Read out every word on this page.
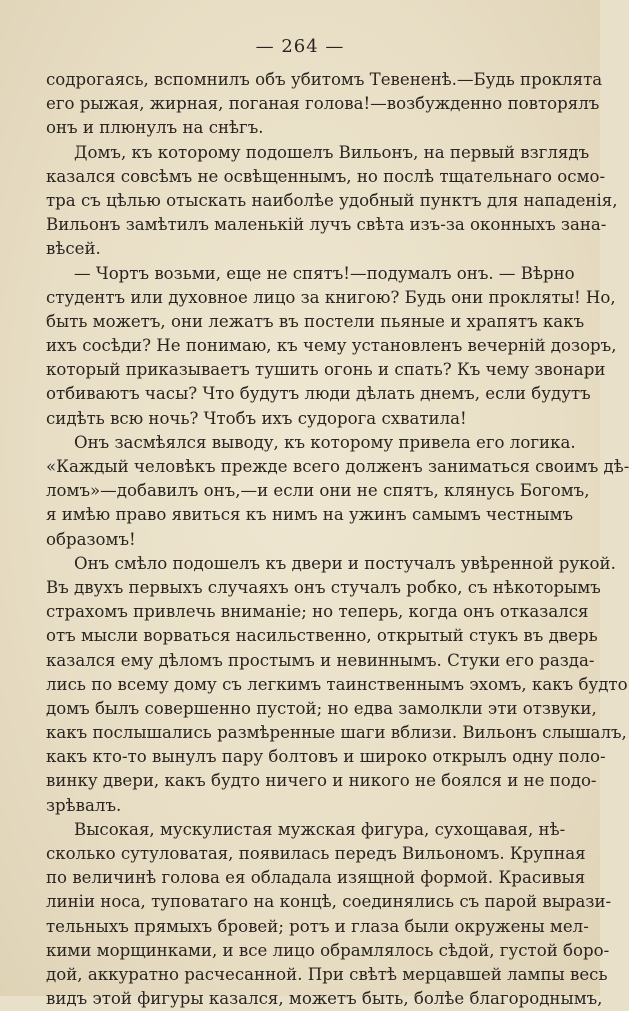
— 264 —
содрогаясь, вспомнилъ объ убитомъ Тевененѣ.—Будь проклята
его рыжая, жирная, поганая голова!—возбужденно повторялъ
онъ и плюнулъ на снѣгъ.
Домъ, къ которому подошелъ Вильонъ, на первый взглядъ
казался совсѣмъ не освѣщеннымъ, но послѣ тщательнаго осмо-
тра съ цѣлью отыскать наиболѣе удобный пунктъ для нападенія,
Вильонъ замѣтилъ маленькій лучъ свѣта изъ-за оконныхъ зана-
вѣсей.
— Чортъ возьми, еще не спятъ!—подумалъ онъ. — Вѣрно
студентъ или духовное лицо за книгою? Будь они прокляты! Но,
быть можетъ, они лежатъ въ постели пьяные и храпятъ какъ
ихъ сосѣди? Не понимаю, къ чему установленъ вечерній дозоръ,
который приказываетъ тушить огонь и спать? Къ чему звонари
отбиваютъ часы? Что будутъ люди дѣлать днемъ, если будутъ
сидѣть всю ночь? Чтобъ ихъ судорога схватила!
Онъ засмѣялся выводу, къ которому привела его логика.
«Каждый человѣкъ прежде всего долженъ заниматься своимъ дѣ-
ломъ»—добавилъ онъ,—и если они не спятъ, клянусь Богомъ,
я имѣю право явиться къ нимъ на ужинъ самымъ честнымъ
образомъ!
Онъ смѣло подошелъ къ двери и постучалъ увѣренной рукой.
Въ двухъ первыхъ случаяхъ онъ стучалъ робко, съ нѣкоторымъ
страхомъ привлечь вниманіе; но теперь, когда онъ отказался
отъ мысли ворваться насильственно, открытый стукъ въ дверь
казался ему дѣломъ простымъ и невиннымъ. Стуки его разда-
лись по всему дому съ легкимъ таинственнымъ эхомъ, какъ будто
домъ былъ совершенно пустой; но едва замолкли эти отзвуки,
какъ послышались размѣренные шаги вблизи. Вильонъ слышалъ,
какъ кто-то вынулъ пару болтовъ и широко открылъ одну поло-
винку двери, какъ будто ничего и никого не боялся и не подо-
зрѣвалъ.
Высокая, мускулистая мужская фигура, сухощавая, нѣ-
сколько сутуловатая, появилась передъ Вильономъ. Крупная
по величинѣ голова ея обладала изящной формой. Красивыя
линіи носа, туповатаго на концѣ, соединялись съ парой вырази-
тельныхъ прямыхъ бровей; ротъ и глаза были окружены мел-
кими морщинками, и все лицо обрамлялось сѣдой, густой боро-
дой, аккуратно расчесанной. При свѣтѣ мерцавшей лампы весь
видъ этой фигуры казался, можетъ быть, болѣе благороднымъ,
